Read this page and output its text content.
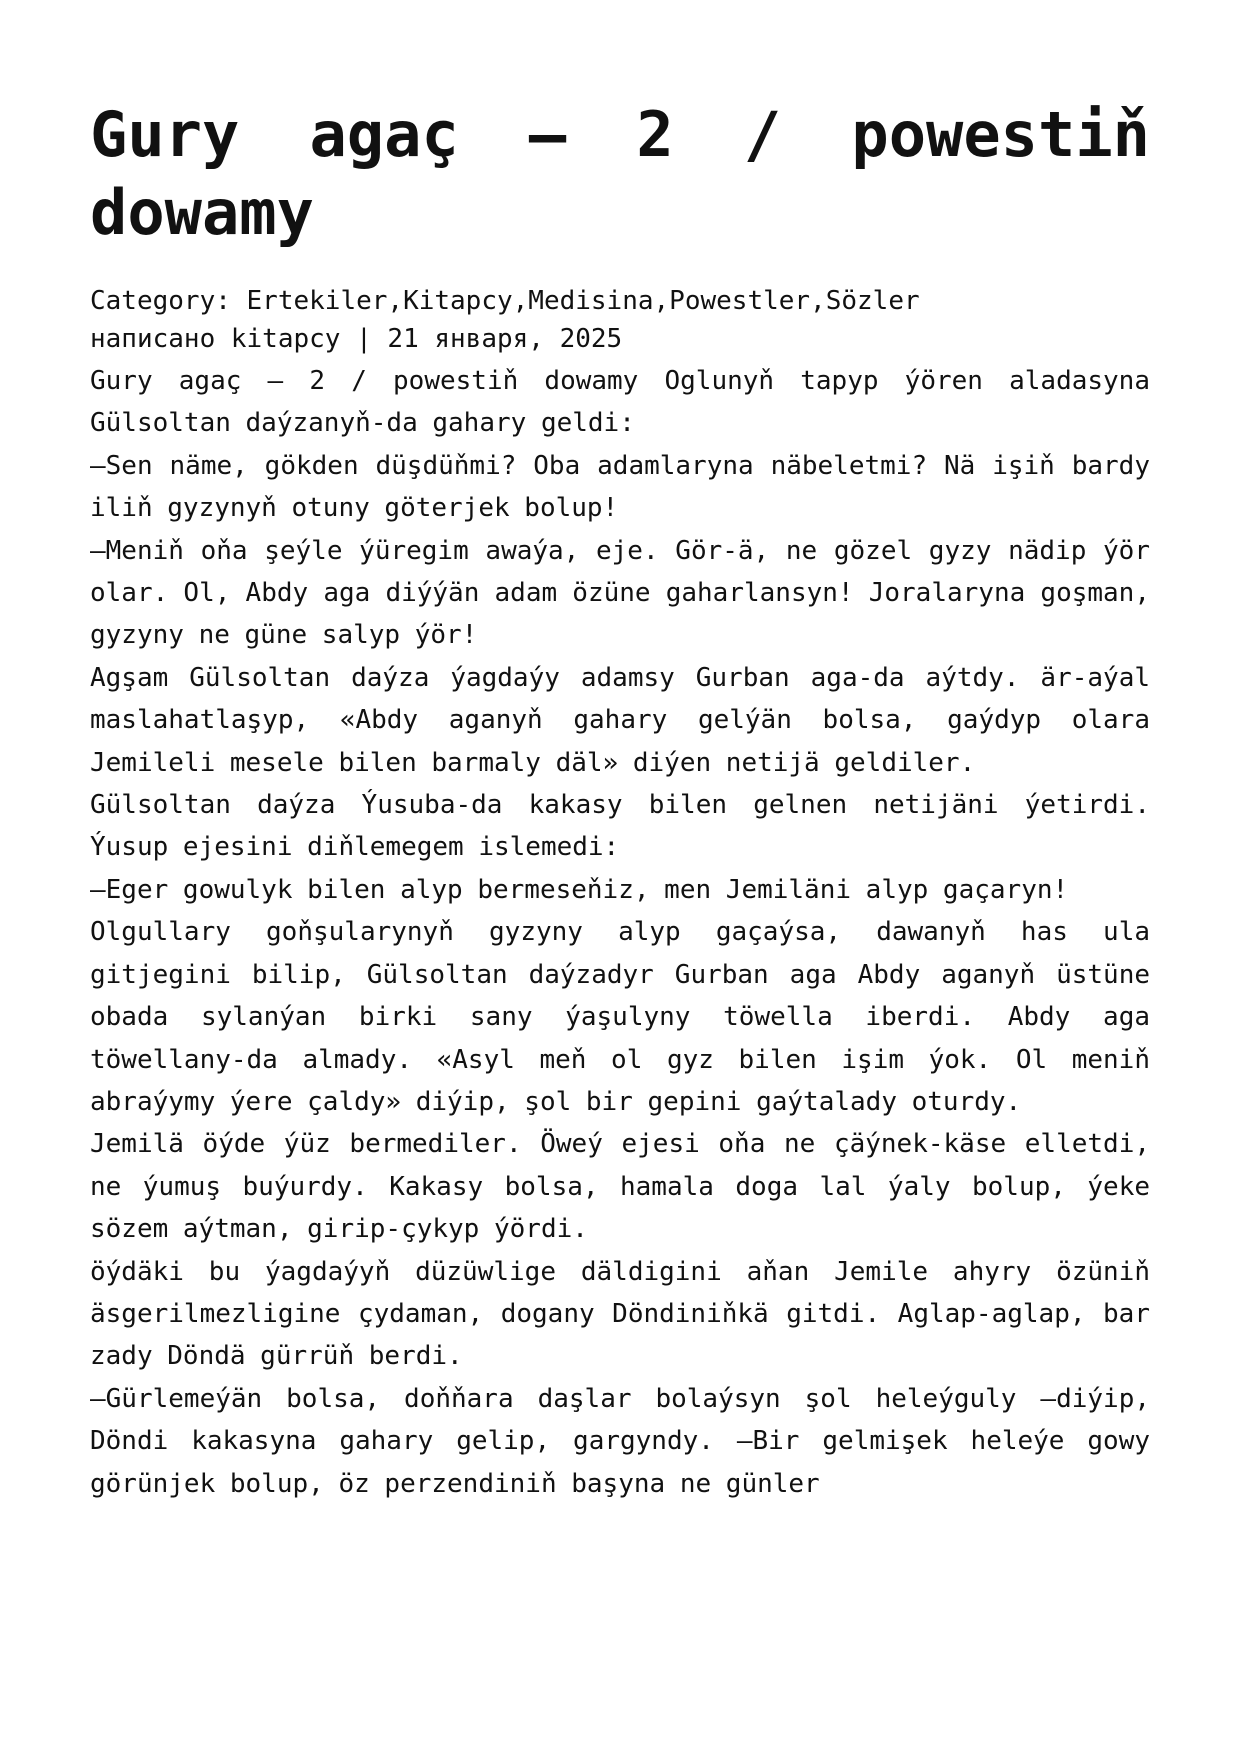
Gury agaç – 2 / powestiň dowamy

Category: Ertekiler,Kitapcy,Medisina,Powestler,Sözler

написано kitapcy | 21 января, 2025

Gury agaç – 2 / powestiň dowamy Oglunyň tapyp ýören aladasyna Gülsoltan daýzanyň-da gahary geldi:

—Sen näme, gökden düşdüňmi? Oba adamlaryna näbeletmi? Nä işiň bardy iliň gyzynyň otuny göterjek bolup!

—Meniň oňa şeýle ýüregim awaýa, eje. Gör-ä, ne gözel gyzy nädip ýör olar. Ol, Abdy aga diýýän adam özüne gaharlansyn! Joralaryna goşman, gyzyny ne güne salyp ýör!

Agşam Gülsoltan daýza ýagdaýy adamsy Gurban aga-da aýtdy. är-aýal maslahatlaşyp, «Abdy aganyň gahary gelýän bolsa, gaýdyp olara Jemileli mesele bilen barmaly däl» diýen netijä geldiler.

Gülsoltan daýza Ýusuba-da kakasy bilen gelnen netijäni ýetirdi. Ýusup ejesini diňlemegem islemedi:

—Eger gowulyk bilen alyp bermeseňiz, men Jemiläni alyp gaçaryn!

Olgullary goňşularynyň gyzyny alyp gaçaýsa, dawanyň has ula gitjegini bilip, Gülsoltan daýzadyr Gurban aga Abdy aganyň üstüne obada sylanýan birki sany ýaşulyny töwella iberdi. Abdy aga töwellany-da almady. «Asyl meň ol gyz bilen işim ýok. Ol meniň abraýymy ýere çaldy» diýip, şol bir gepini gaýtalady oturdy.

Jemilä öýde ýüz bermediler. Öweý ejesi oňa ne çäýnek-käse elletdi, ne ýumuş buýurdy. Kakasy bolsa, hamala doga lal ýaly bolup, ýeke sözem aýtman, girip-çykyp ýördi.

öýdäki bu ýagdaýyň düzüwlige däldigini aňan Jemile ahyry özüniň äsgerilmezligine çydaman, dogany Döndiniňkä gitdi. Aglap-aglap, bar zady Döndä gürrüň berdi.

—Gürlemeýän bolsa, doňňara daşlar bolaýsyn şol heleýguly —diýip, Döndi kakasyna gahary gelip, gargyndy. —Bir gelmişek heleýe gowy görünjek bolup, öz perzendiniň başyna ne günler
